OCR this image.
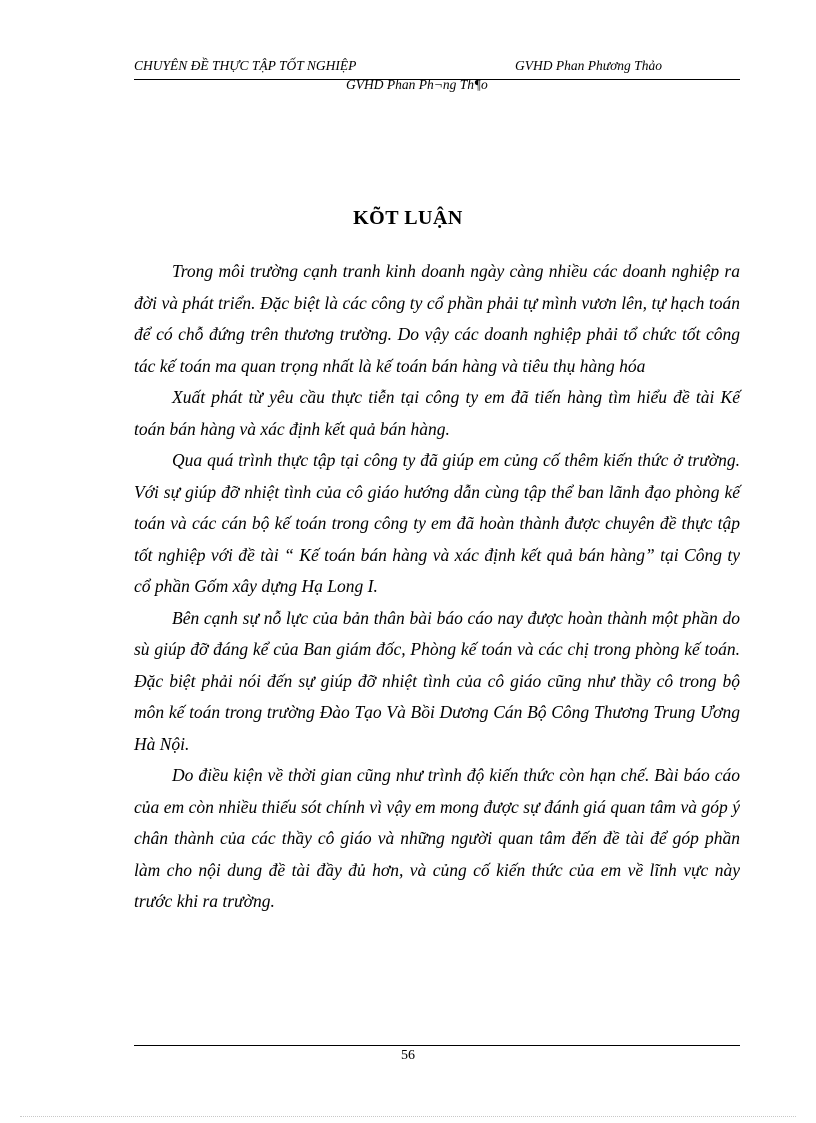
CHUYÊN ĐỀ THỰC TẬP TỐT NGHIỆP	GVHD Phan Phương Thảo
GVHD Phan Ph¬ng Th¶o
KÕT LUẬN

Trong môi trường cạnh tranh kinh doanh ngày càng nhiều các doanh nghiệp ra đời và phát triển. Đặc biệt là các công ty cổ phần phải tự mình vươn lên, tự hạch toán để có chỗ đứng trên thương trường. Do vậy các doanh nghiệp phải tổ chức tốt công tác kế toán ma quan trọng nhất là kế toán bán hàng và tiêu thụ hàng hóa

Xuất phát từ yêu cầu thực tiễn tại công ty em đã tiến hàng tìm hiểu đề tài Kế toán bán hàng và xác định kết quả bán hàng.

Qua quá trình thực tập tại công ty đã giúp em củng cố thêm kiến thức ở trường. Với sự giúp đỡ nhiệt tình của cô giáo hướng dẫn cùng tập thể ban lãnh đạo phòng kế toán và các cán bộ kế toán trong công ty em đã hoàn thành được chuyên đề thực tập tốt nghiệp với đề tài “ Kế toán bán hàng và xác định kết quả bán hàng” tại Công ty cổ phần Gốm xây dựng Hạ Long I.

Bên cạnh sự nỗ lực của bản thân bài báo cáo nay được hoàn thành một phần do sù giúp đỡ đáng kể của Ban giám đốc, Phòng kế toán và các chị trong phòng kế toán. Đặc biệt phải nói đến sự giúp đỡ nhiệt tình của cô giáo cũng như thầy cô trong bộ môn kế toán trong trường Đào Tạo Và Bồi Dương Cán Bộ Công Thương Trung Ương Hà Nội.

Do điều kiện về thời gian cũng như trình độ kiến thức còn hạn chế. Bài báo cáo của em còn nhiều thiếu sót chính vì vậy em mong được sự đánh giá quan tâm và góp ý chân thành của các thầy cô giáo và những người quan tâm đến đề tài để góp phần làm cho nội dung đề tài đầy đủ hơn, và củng cố kiến thức của em về lĩnh vực này trước khi ra trường.

56
